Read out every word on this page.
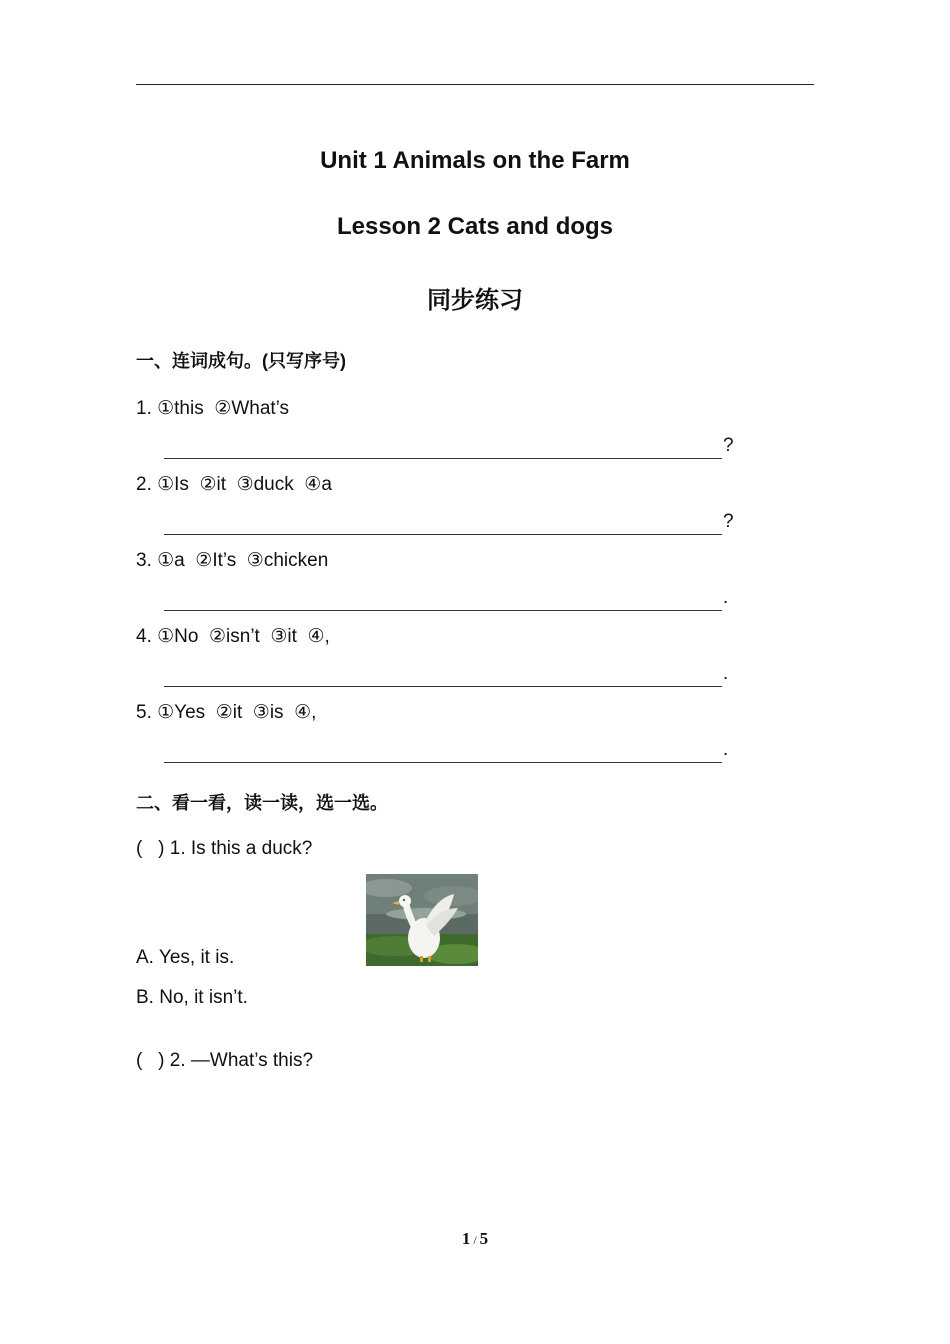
Unit 1 Animals on the Farm
Lesson 2 Cats and dogs
同步练习
一、连词成句。(只写序号)
1. ①this  ②What’s
?
2. ①Is  ②it  ③duck  ④a
?
3. ①a  ②It’s  ③chicken
.
4. ①No  ②isn’t  ③it  ④,
.
5. ①Yes  ②it  ③is  ④,
.
二、看一看，读一读，选一选。
(   ) 1. Is this a duck?
A. Yes, it is.
B. No, it isn’t.
(   ) 2. —What’s this?
1 / 5
